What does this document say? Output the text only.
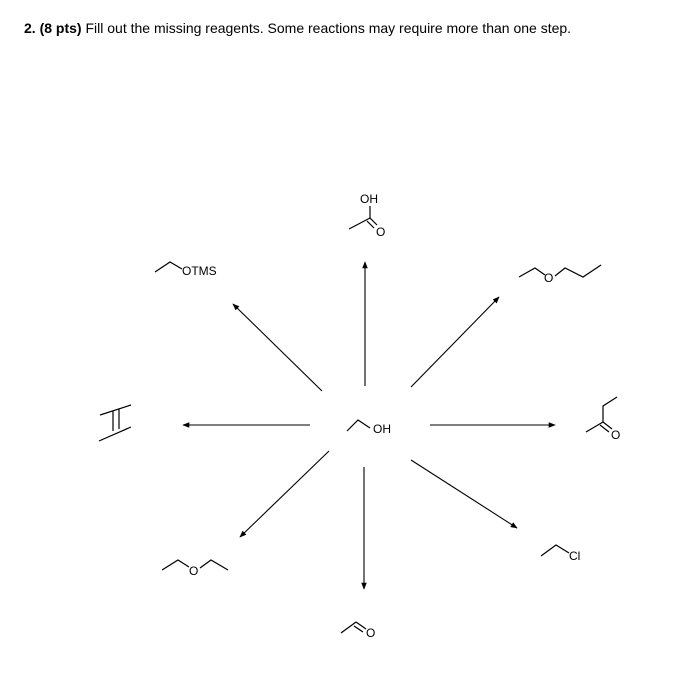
2. (8 pts) Fill out the missing reagents. Some reactions may require more than one step.
OH
OH
O
O
O
Cl
O
O
OTMS
